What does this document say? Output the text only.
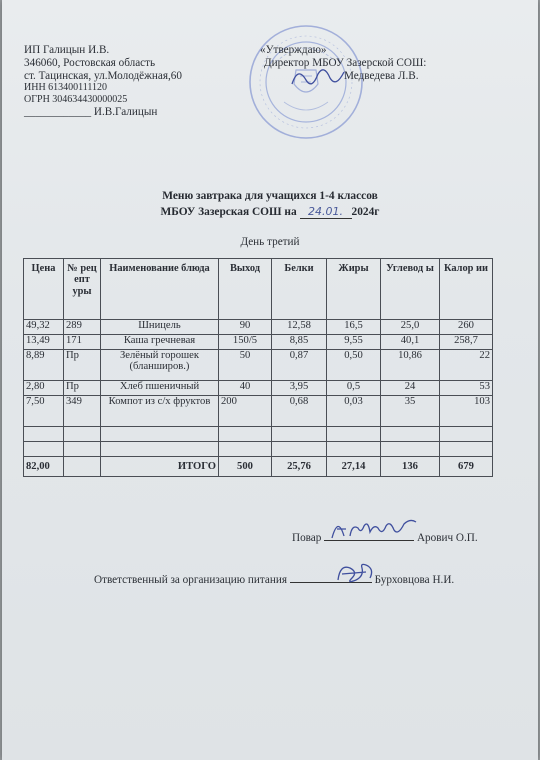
ИП Галицын И.В.
346060, Ростовская область
ст. Тацинская, ул.Молодёжная,60
ИНН 613400111120
ОГРН 304634430000025
____________ И.В.Галицын
«Утверждаю»
Директор МБОУ Зазерской СОШ:
Медведева Л.В.
Меню завтрака для учащихся 1-4 классов
МБОУ Зазерская СОШ на 24.01. 2024г
День третий
Цена	№ рец епт уры	Наименование блюда	Выход	Белки	Жиры	Углевод ы	Калор ии
49,32	289	Шницель	90	12,58	16,5	25,0	260
13,49	171	Каша гречневая	150/5	8,85	9,55	40,1	258,7
8,89	Пр	Зелёный горошек (бланширов.)	50	0,87	0,50	10,86	22
2,80	Пр	Хлеб пшеничный	40	3,95	0,5	24	53
7,50	349	Компот из с/х фруктов	200	0,68	0,03	35	103

82,00		ИТОГО	500	25,76	27,14	136	679
Повар	Арович О.П.
Ответственный за организацию питания	Бурховцова Н.И.
